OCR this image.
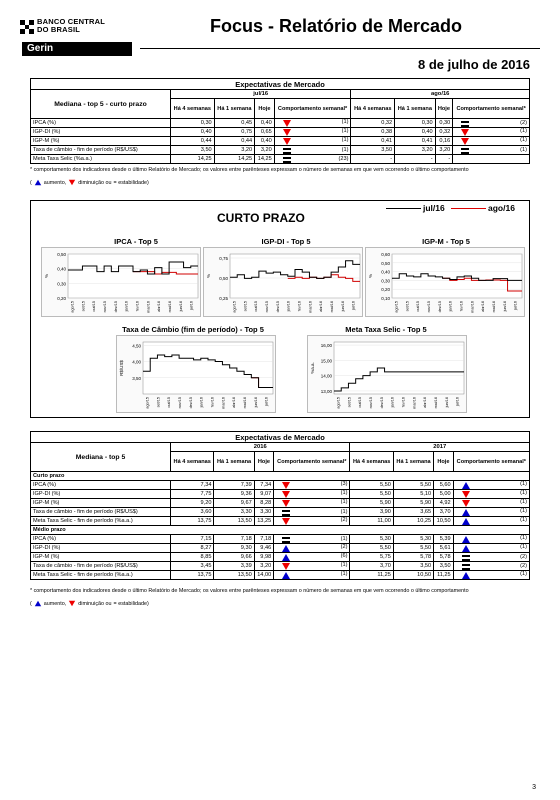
BANCO CENTRAL
DO BRASIL
Gerin
Focus - Relatório de Mercado
8 de julho de 2016
Expectativas de Mercado								
Mediana - top 5 - curto prazo	jul/16				ago/16			
	Há 4 semanas	Há 1 semana	Hoje	Comportamento semanal*	Há 4 semanas	Há 1 semana	Hoje	Comportamento semanal*
IPCA (%)	0,30	0,45	0,40	(1)	0,32	0,30	0,30	(2)
IGP-DI (%)	0,40	0,75	0,65	(1)	0,38	0,40	0,32	(1)
IGP-M (%)	0,44	0,44	0,40	(1)	0,41	0,41	0,16	(1)
Taxa de câmbio - fim de período (R$/US$)	3,50	3,20	3,20	(1)	3,50	3,20	3,20	(1)
Meta Taxa Selic (%a.a.)	14,25	14,25	14,25	(23)	-	-	-	
* comportamento dos indicadores desde o último Relatório de Mercado; os valores entre parênteses expressam o número de semanas em que vem ocorrendo o último comportamento
( aumento, diminuição ou = estabilidade)
CURTO PRAZO
jul/16	ago/16
IPCA - Top 5	IGP-DI - Top 5	IGP-M - Top 5
Taxa de Câmbio (fim de período) - Top 5	Meta Taxa Selic - Top 5
0,50
0,40
0,30
0,20
%
ago/15 set/15 out/15 nov/15 dez/15 jan/16 fev/16 mar/16 abr/16 mai/16 jun/16 jul/16
0,75
0,50
0,25
%
ago/15 set/15 out/15 nov/15 dez/15 jan/16 fev/16 mar/16 abr/16 mai/16 jun/16 jul/16
0,60
0,50
0,40
0,30
0,20
0,10
%
ago/15 set/15 out/15 nov/15 dez/15 jan/16 fev/16 mar/16 abr/16 mai/16 jun/16 jul/16
4,50
4,00
3,50
R$/US$
ago/15 set/15 out/15 nov/15 dez/15 jan/16 fev/16 mar/16 abr/16 mai/16 jun/16 jul/16
16,00
15,00
14,00
13,00
%a.a.
ago/15 set/15 out/15 nov/15 dez/15 jan/16 fev/16 mar/16 abr/16 mai/16 jun/16 jul/16
Expectativas de Mercado								
Mediana - top 5	2016				2017			
	Há 4 semanas	Há 1 semana	Hoje	Comportamento semanal*	Há 4 semanas	Há 1 semana	Hoje	Comportamento semanal*
Curto prazo								
IPCA (%)	7,34	7,39	7,34	(3)	5,50	5,50	5,60	(1)
IGP-DI (%)	7,75	9,36	9,07	(1)	5,50	5,10	5,00	(1)
IGP-M (%)	9,20	9,67	8,28	(1)	5,90	5,90	4,92	(1)
Taxa de câmbio - fim de período (R$/US$)	3,60	3,30	3,30	(1)	3,90	3,65	3,70	(1)
Meta Taxa Selic - fim de período (%a.a.)	13,75	13,50	13,25	(2)	11,00	10,25	10,50	(1)
Médio prazo								
IPCA (%)	7,15	7,18	7,18	(1)	5,30	5,30	5,39	(1)
IGP-DI (%)	8,27	9,30	9,46	(2)	5,50	5,50	5,61	(1)
IGP-M (%)	8,85	9,66	9,98	(6)	5,75	5,78	5,78	(2)
Taxa de câmbio - fim de período (R$/US$)	3,45	3,39	3,20	(1)	3,70	3,50	3,50	(2)
Meta Taxa Selic - fim de período (%a.a.)	13,75	13,50	14,00	(1)	11,25	10,50	11,25	(1)
* comportamento dos indicadores desde o último Relatório de Mercado; os valores entre parênteses expressam o número de semanas em que vem ocorrendo o último comportamento
( aumento, diminuição ou = estabilidade)
3
